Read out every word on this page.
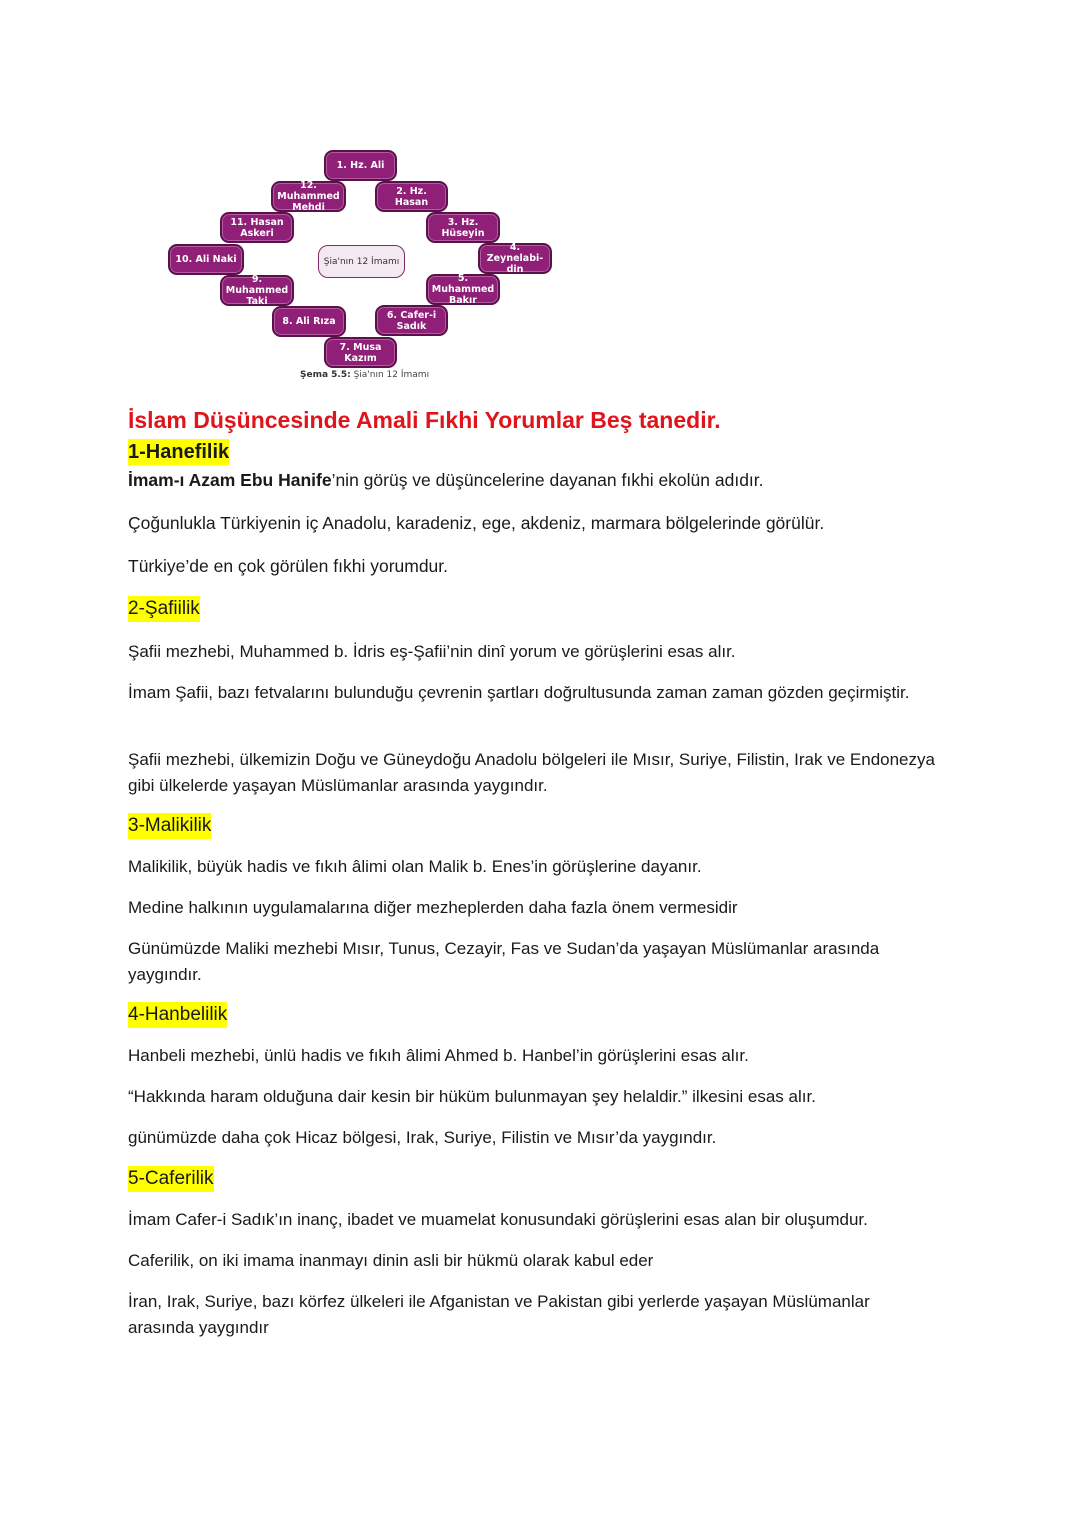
1. Hz. Ali
2. Hz. Hasan
3. Hz. Hüseyin
4. Zeynelabi-
din
5. Muhammed
Bakır
6. Cafer-i
Sadık
7. Musa Kazım
8. Ali Rıza
9. Muhammed
Taki
10. Ali Naki
11. Hasan
Askeri
12. Muhammed
Mehdi
Şia'nın 12 İmamı
Şema 5.5: Şia'nın 12 İmamı
İslam Düşüncesinde Amali Fıkhi Yorumlar Beş tanedir.
1-Hanefilik
İmam-ı Azam Ebu Hanife’nin görüş ve düşüncelerine dayanan fıkhi ekolün adıdır.
Çoğunlukla Türkiyenin iç Anadolu, karadeniz, ege, akdeniz, marmara bölgelerinde görülür.
Türkiye’de en çok görülen fıkhi yorumdur.
2-Şafiilik
Şafii mezhebi, Muhammed b. İdris eş-Şafii’nin dinî yorum ve görüşlerini esas alır.
İmam Şafii, bazı fetvalarını bulunduğu çevrenin şartları doğrultusunda zaman zaman gözden geçirmiştir.
Şafii mezhebi, ülkemizin Doğu ve Güneydoğu Anadolu bölgeleri ile Mısır, Suriye, Filistin, Irak ve Endonezya gibi ülkelerde yaşayan Müslümanlar arasında yaygındır.
3-Malikilik
Malikilik, büyük hadis ve fıkıh âlimi olan Malik b. Enes’in görüşlerine dayanır.
Medine halkının uygulamalarına diğer mezheplerden daha fazla önem vermesidir
Günümüzde Maliki mezhebi Mısır, Tunus, Cezayir, Fas ve Sudan’da yaşayan Müslümanlar arasında yaygındır.
4-Hanbelilik
Hanbeli mezhebi, ünlü hadis ve fıkıh âlimi Ahmed b. Hanbel’in görüşlerini esas alır.
“Hakkında haram olduğuna dair kesin bir hüküm bulunmayan şey helaldir.” ilkesini esas alır.
günümüzde daha çok Hicaz bölgesi, Irak, Suriye, Filistin ve Mısır’da yaygındır.
5-Caferilik
İmam Cafer-i Sadık’ın inanç, ibadet ve muamelat konusundaki görüşlerini esas alan bir oluşumdur.
Caferilik, on iki imama inanmayı dinin asli bir hükmü olarak kabul eder
İran, Irak, Suriye, bazı körfez ülkeleri ile Afganistan ve Pakistan gibi yerlerde yaşayan Müslümanlar arasında yaygındır
